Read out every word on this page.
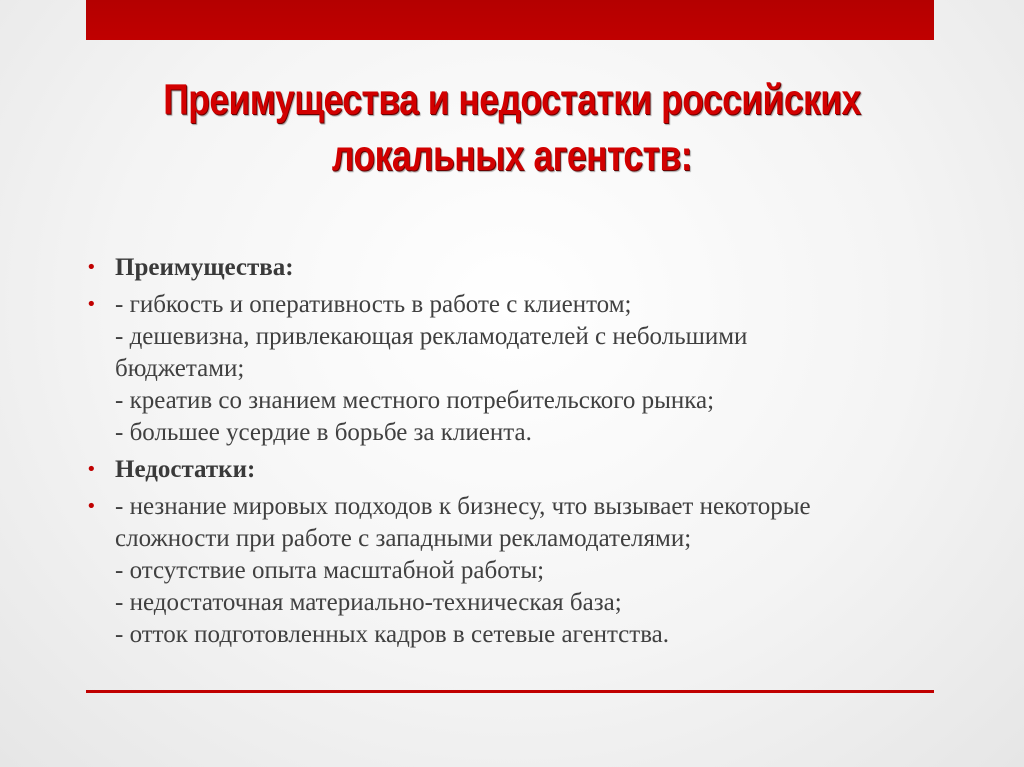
Преимущества и недостатки российских
локальных агентств:
• Преимущества:
• - гибкость и оперативность в работе с клиентом;
- дешевизна, привлекающая рекламодателей с небольшими
бюджетами;
- креатив со знанием местного потребительского рынка;
- большее усердие в борьбе за клиента.
• Недостатки:
• - незнание мировых подходов к бизнесу, что вызывает некоторые
сложности при работе с западными рекламодателями;
- отсутствие опыта масштабной работы;
- недостаточная материально-техническая база;
- отток подготовленных кадров в сетевые агентства.
